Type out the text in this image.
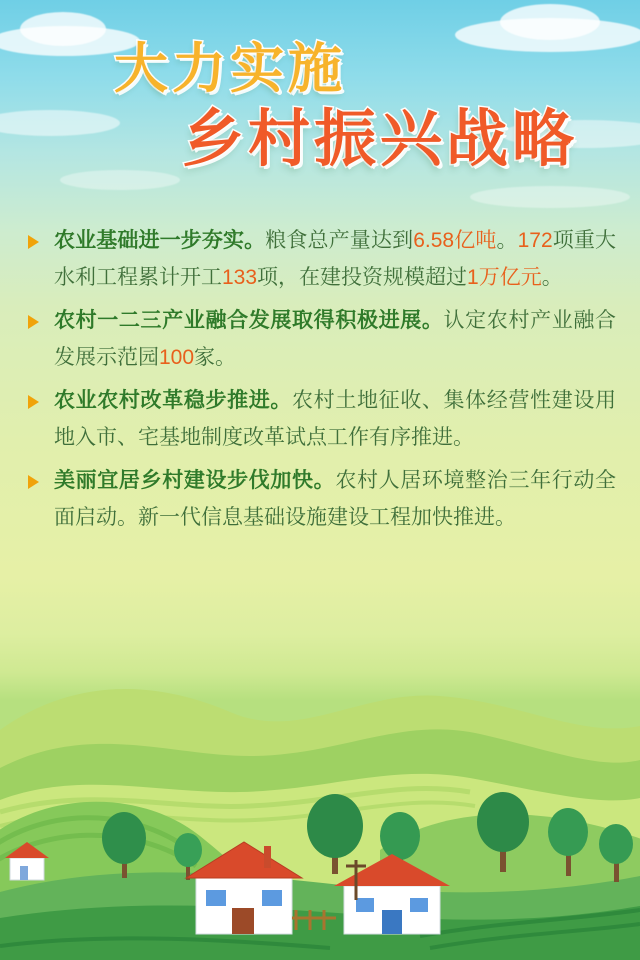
大力实施
乡村振兴战略
农业基础进一步夯实。粮食总产量达到6.58亿吨。172项重大水利工程累计开工133项，在建投资规模超过1万亿元。
农村一二三产业融合发展取得积极进展。认定农村产业融合发展示范园100家。
农业农村改革稳步推进。农村土地征收、集体经营性建设用地入市、宅基地制度改革试点工作有序推进。
美丽宜居乡村建设步伐加快。农村人居环境整治三年行动全面启动。新一代信息基础设施建设工程加快推进。
